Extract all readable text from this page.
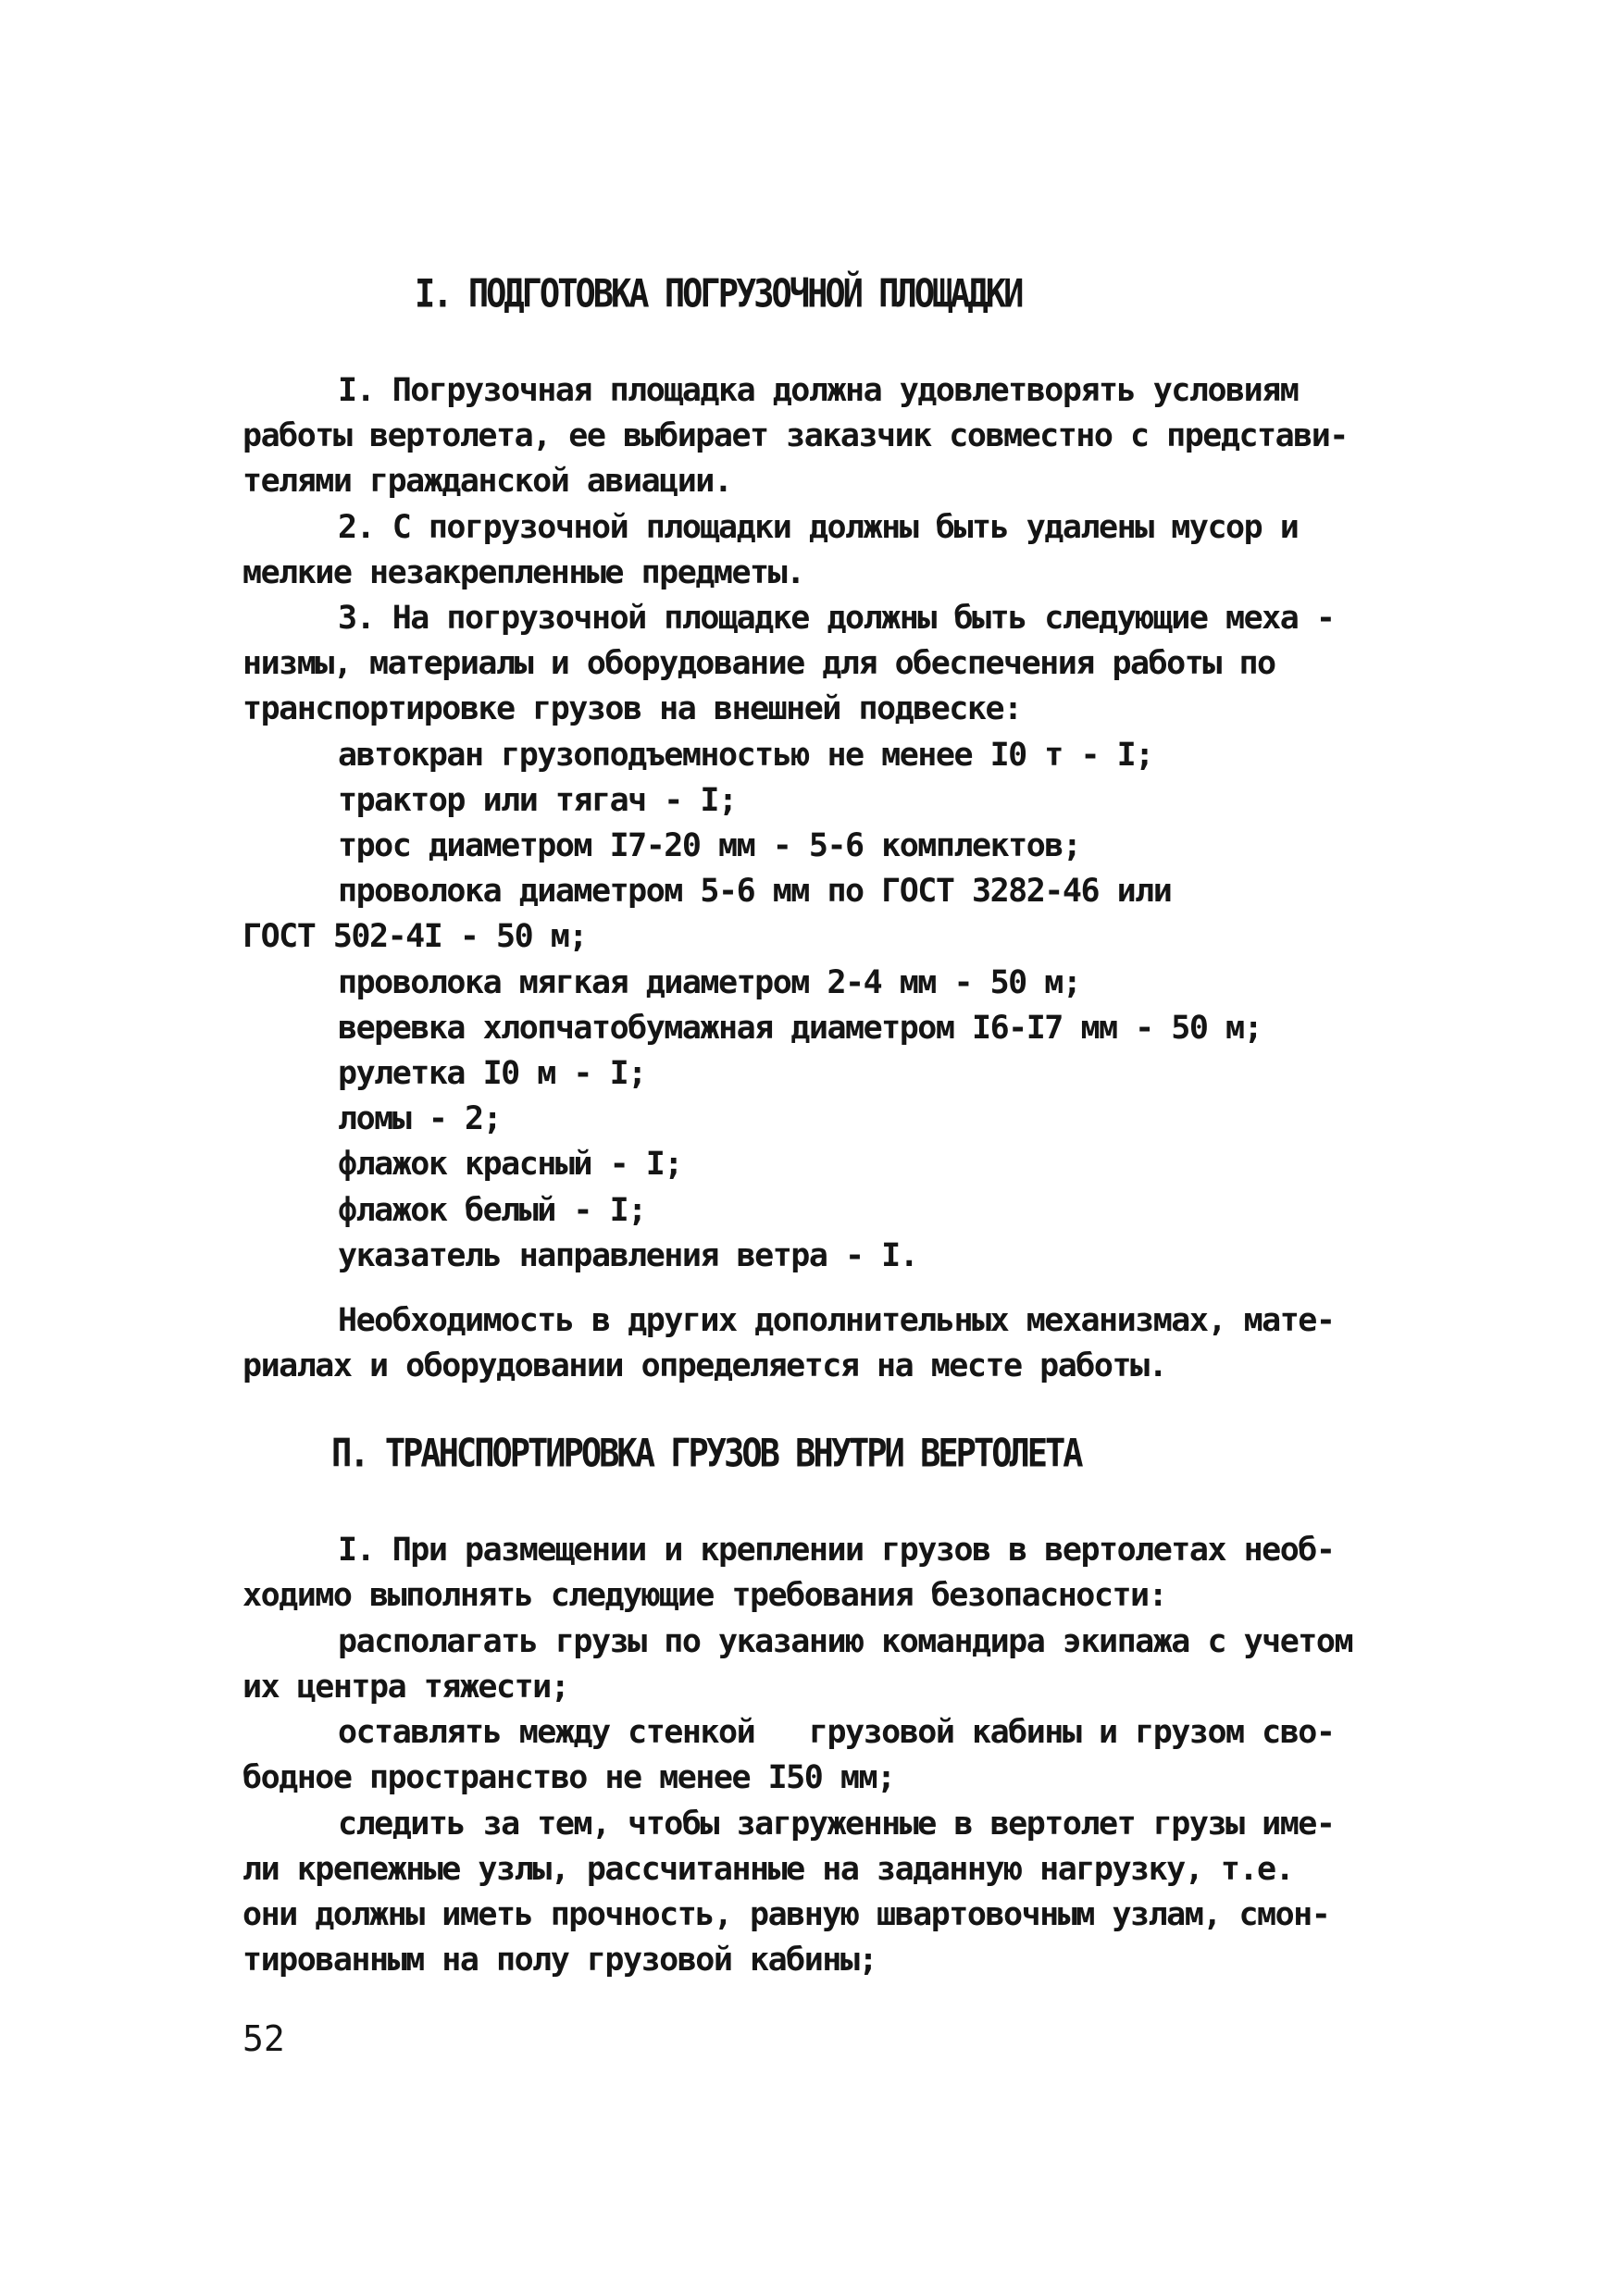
I. ПОДГОТОВКА ПОГРУЗОЧНОЙ ПЛОЩАДКИ
I. Погрузочная площадка должна удовлетворять условиям
работы вертолета, ее выбирает заказчик совместно с представи-
телями гражданской авиации.
2. С погрузочной площадки должны быть удалены мусор и
мелкие незакрепленные предметы.
3. На погрузочной площадке должны быть следующие меха -
низмы, материалы и оборудование для обеспечения работы по
транспортировке грузов на внешней подвеске:
автокран грузоподъемностью не менее I0 т - I;
трактор или тягач - I;
трос диаметром I7-20 мм - 5-6 комплектов;
проволока диаметром 5-6 мм по ГОСТ 3282-46 или
ГОСТ 502-4I - 50 м;
проволока мягкая диаметром 2-4 мм - 50 м;
веревка хлопчатобумажная диаметром I6-I7 мм - 50 м;
рулетка I0 м - I;
ломы - 2;
флажок красный - I;
флажок белый - I;
указатель направления ветра - I.
Необходимость в других дополнительных механизмах, мате-
риалах и оборудовании определяется на месте работы.
П. ТРАНСПОРТИРОВКА ГРУЗОВ ВНУТРИ ВЕРТОЛЕТА
I. При размещении и креплении грузов в вертолетах необ-
ходимо выполнять следующие требования безопасности:
располагать грузы по указанию командира экипажа с учетом
их центра тяжести;
оставлять между стенкой   грузовой кабины и грузом сво-
бодное пространство не менее I50 мм;
следить за тем, чтобы загруженные в вертолет грузы име-
ли крепежные узлы, рассчитанные на заданную нагрузку, т.е.
они должны иметь прочность, равную швартовочным узлам, смон-
тированным на полу грузовой кабины;
52
